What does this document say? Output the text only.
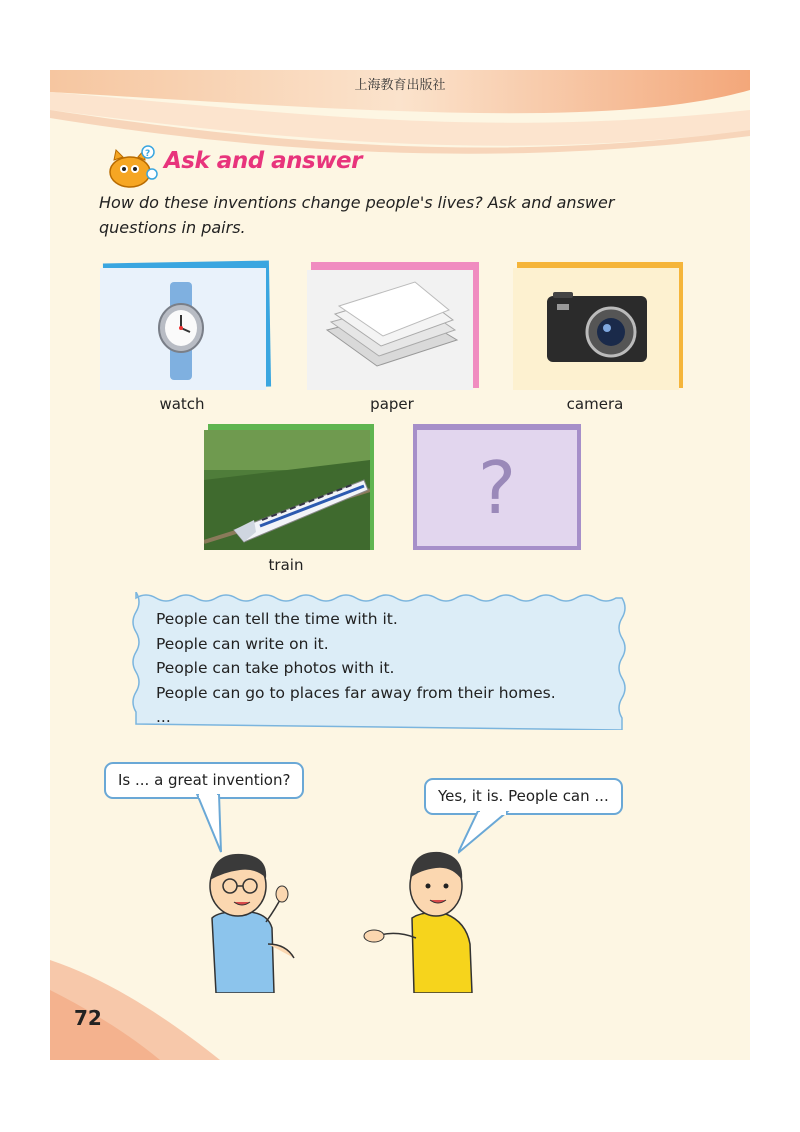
上海教育出版社
? Ask and answer
How do these inventions change people's lives? Ask and answer questions in pairs.
watch	paper	camera
train
?
People can tell the time with it.
People can write on it.
People can take photos with it.
People can go to places far away from their homes.
...
Is ... a great invention?
Yes, it is. People can ...
72
